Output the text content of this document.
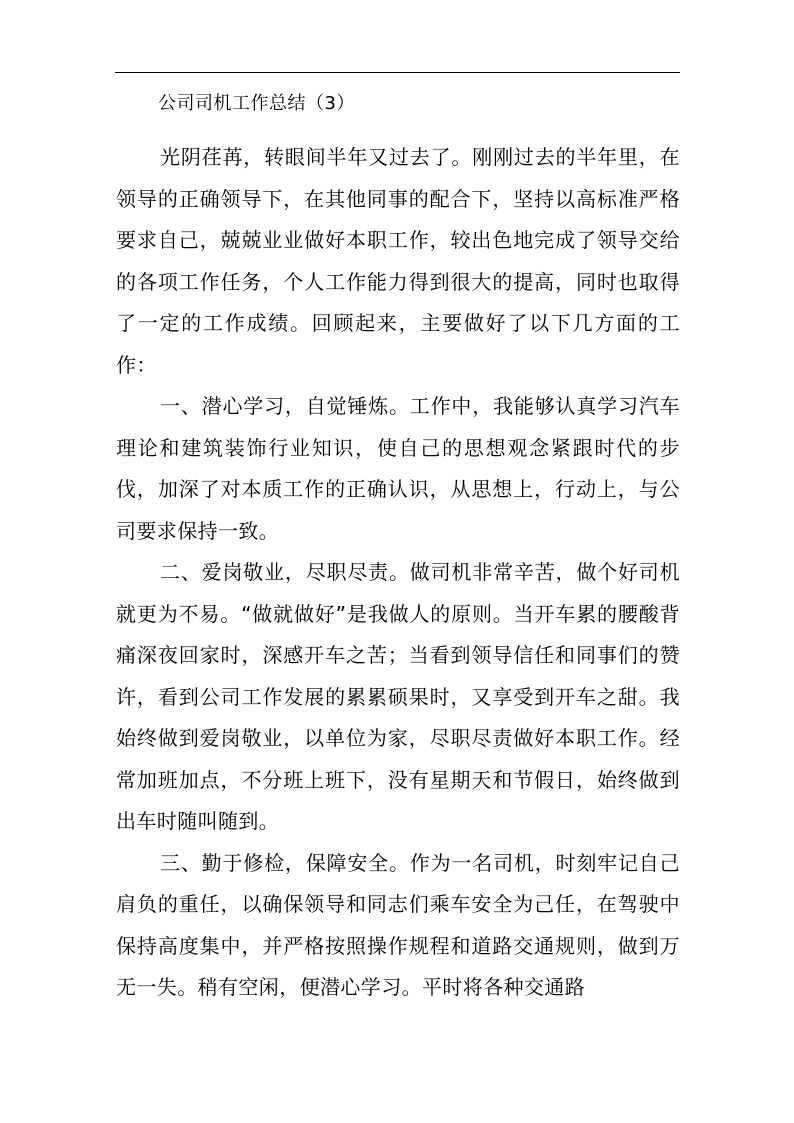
公司司机工作总结（3）

光阴荏苒，转眼间半年又过去了。刚刚过去的半年里，在领导的正确领导下，在其他同事的配合下，坚持以高标准严格要求自己，兢兢业业做好本职工作，较出色地完成了领导交给的各项工作任务，个人工作能力得到很大的提高，同时也取得了一定的工作成绩。回顾起来，主要做好了以下几方面的工作：

一、潜心学习，自觉锤炼。工作中，我能够认真学习汽车理论和建筑装饰行业知识，使自己的思想观念紧跟时代的步伐，加深了对本质工作的正确认识，从思想上，行动上，与公司要求保持一致。

二、爱岗敬业，尽职尽责。做司机非常辛苦，做个好司机就更为不易。“做就做好”是我做人的原则。当开车累的腰酸背痛深夜回家时，深感开车之苦；当看到领导信任和同事们的赞许，看到公司工作发展的累累硕果时，又享受到开车之甜。我始终做到爱岗敬业，以单位为家，尽职尽责做好本职工作。经常加班加点，不分班上班下，没有星期天和节假日，始终做到出车时随叫随到。

三、勤于修检，保障安全。作为一名司机，时刻牢记自己肩负的重任，以确保领导和同志们乘车安全为己任，在驾驶中保持高度集中，并严格按照操作规程和道路交通规则，做到万无一失。稍有空闲，便潜心学习。平时将各种交通路
